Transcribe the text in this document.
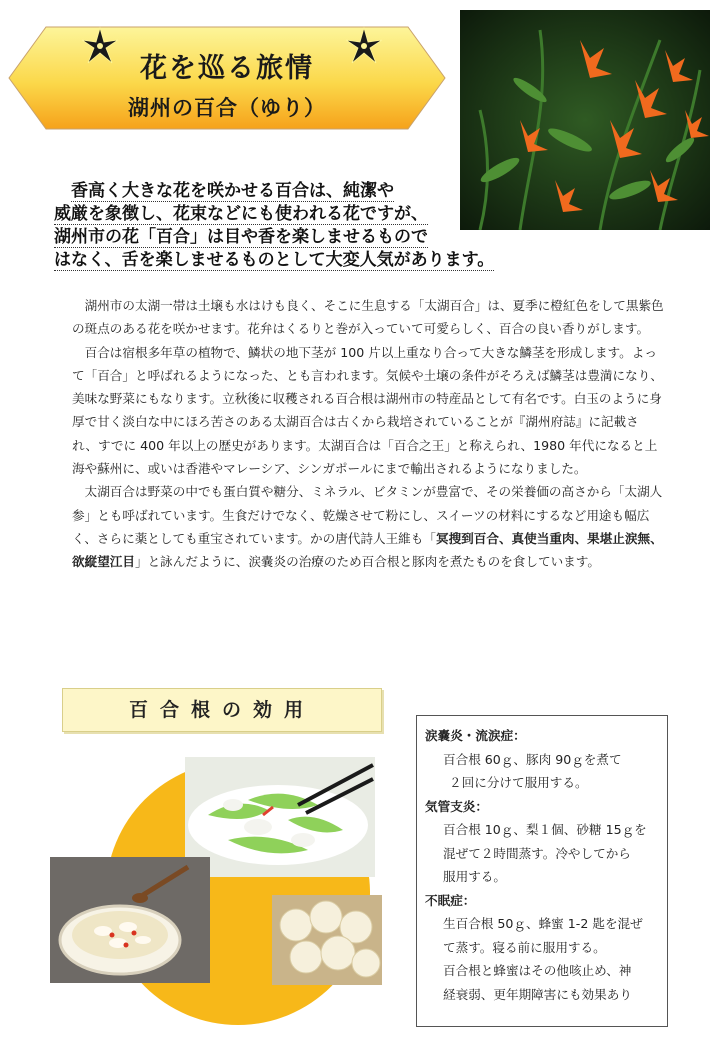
花を巡る旅情
湖州の百合（ゆり）
香高く大きな花を咲かせる百合は、純潔や
威厳を象徴し、花束などにも使われる花ですが、
湖州市の花「百合」は目や香を楽しませるもので
はなく、舌を楽しませるものとして大変人気があります。

湖州市の太湖一帯は土壌も水はけも良く、そこに生息する「太湖百合」は、夏季に橙紅色をして黒紫色の斑点のある花を咲かせます。花弁はくるりと巻が入っていて可愛らしく、百合の良い香りがします。

百合は宿根多年草の植物で、鱗状の地下茎が 100 片以上重なり合って大きな鱗茎を形成します。よって「百合」と呼ばれるようになった、とも言われます。気候や土壌の条件がそろえば鱗茎は豊満になり、美味な野菜にもなります。立秋後に収穫される百合根は湖州市の特産品として有名です。白玉のように身厚で甘く淡白な中にほろ苦さのある太湖百合は古くから栽培されていることが『湖州府誌』に記載され、すでに 400 年以上の歴史があります。太湖百合は「百合之王」と称えられ、1980 年代になると上海や蘇州に、或いは香港やマレーシア、シンガポールにまで輸出されるようになりました。

太湖百合は野菜の中でも蛋白質や糖分、ミネラル、ビタミンが豊富で、その栄養価の高さから「太湖人参」とも呼ばれています。生食だけでなく、乾燥させて粉にし、スイーツの材料にするなど用途も幅広く、さらに薬としても重宝されています。かの唐代詩人王維も「冥搜到百合、真使当重肉、果堪止涙無、欲縦望江目」と詠んだように、涙嚢炎の治療のため百合根と豚肉を煮たものを食しています。

百合根の効用
涙嚢炎・流涙症：
百合根 60ｇ、豚肉 90ｇを煮て
２回に分けて服用する。
気管支炎：
百合根 10ｇ、梨１個、砂糖 15ｇを
混ぜて２時間蒸す。冷やしてから
服用する。
不眠症：
生百合根 50ｇ、蜂蜜 1-2 匙を混ぜ
て蒸す。寝る前に服用する。
百合根と蜂蜜はその他咳止め、神
経衰弱、更年期障害にも効果あり
